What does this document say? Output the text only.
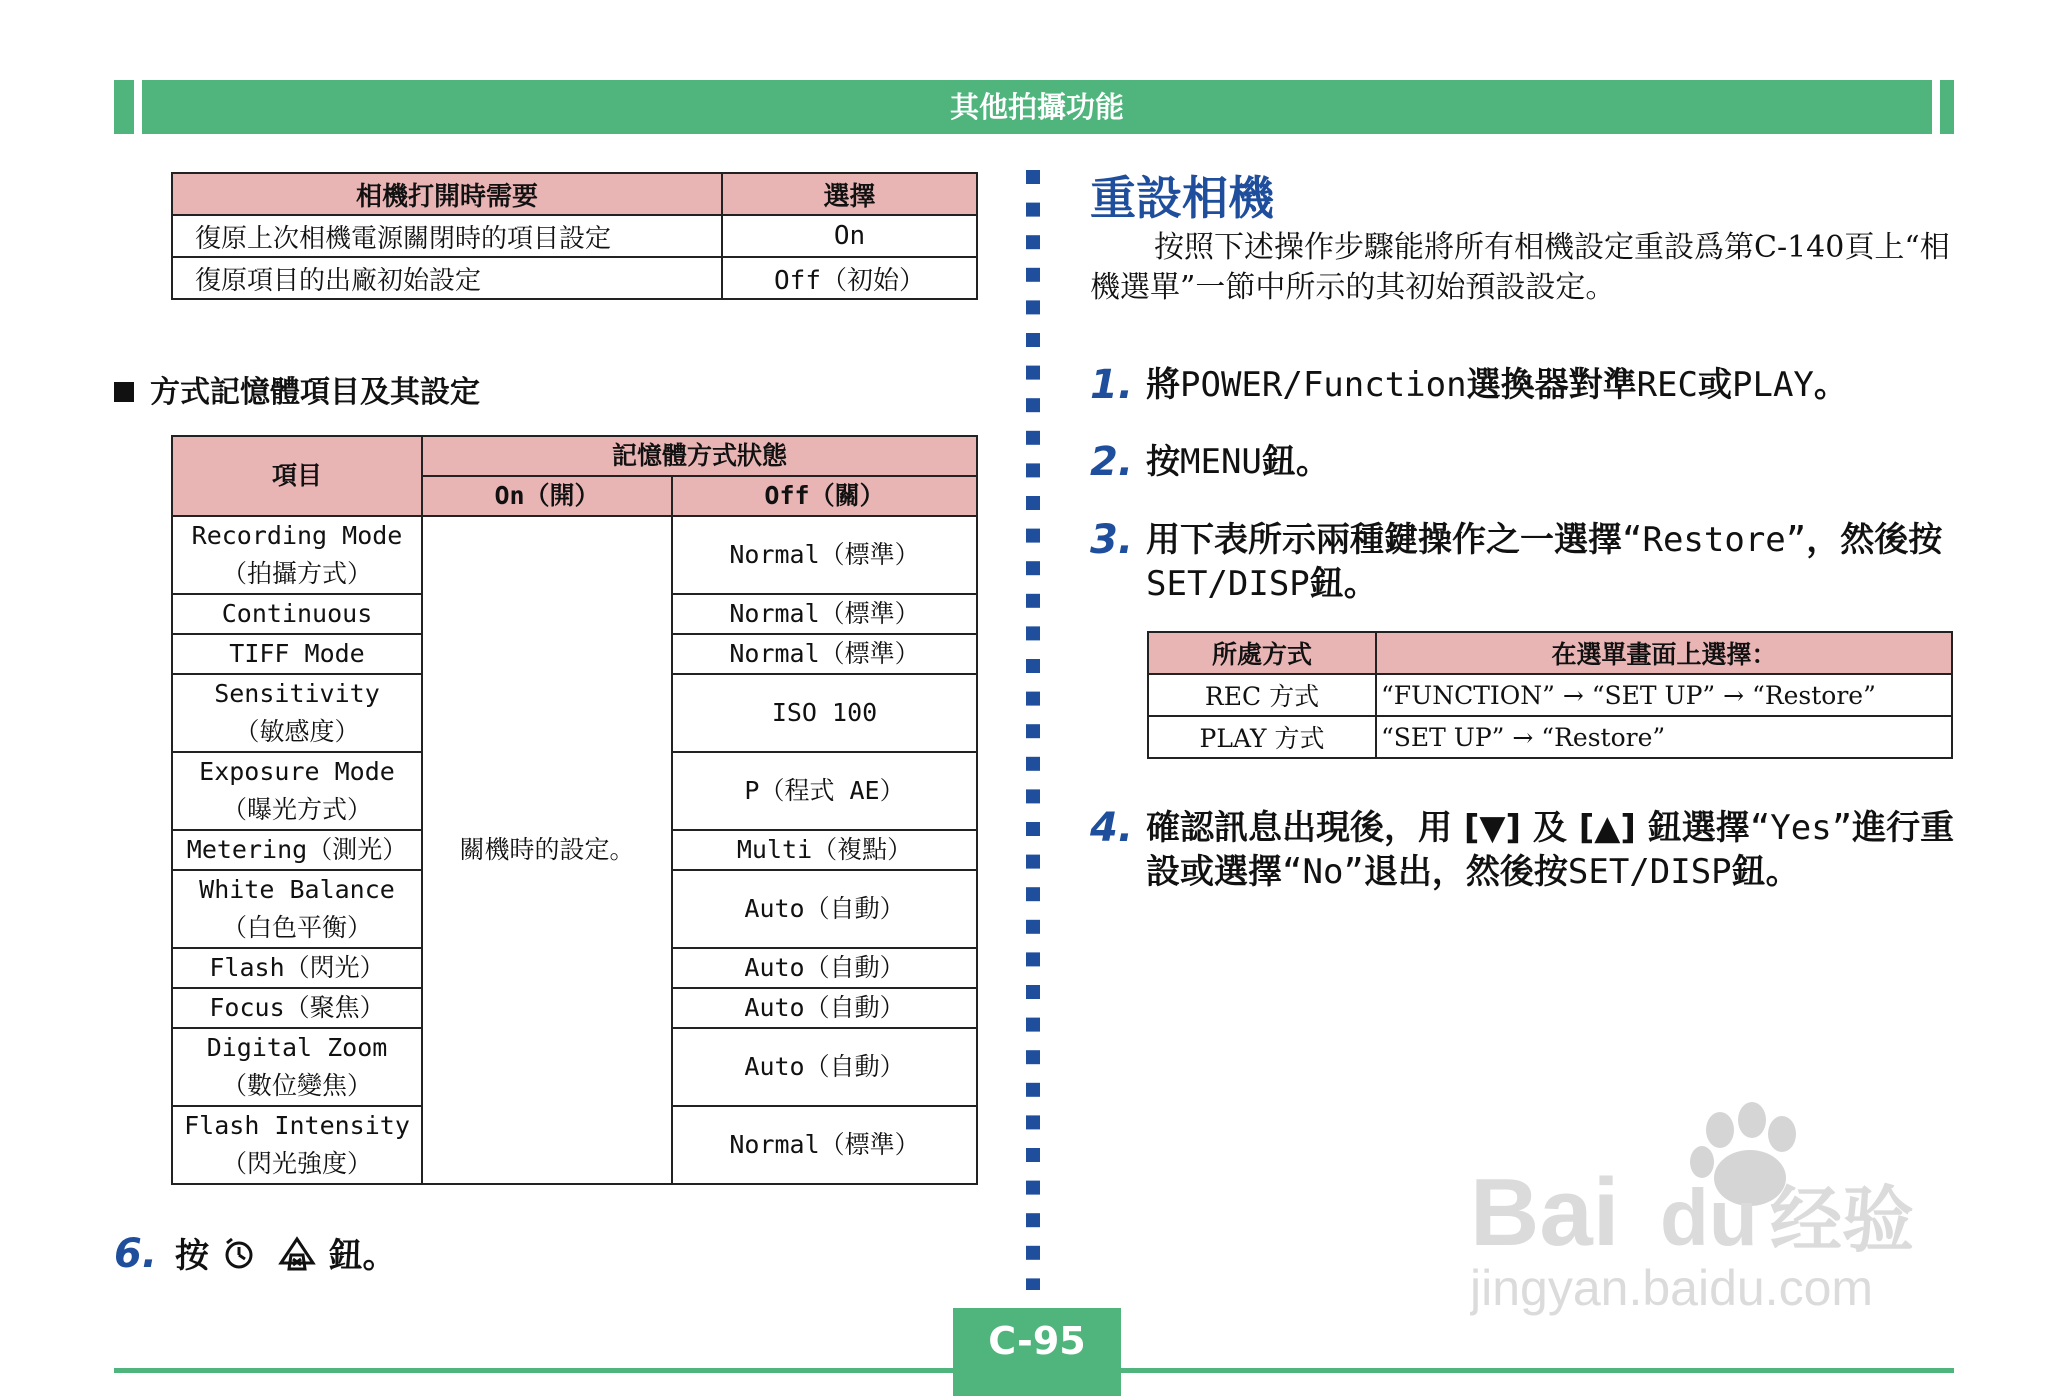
其他拍攝功能
相機打開時需要	選擇
復原上次相機電源關閉時的項目設定	On
復原項目的出廠初始設定	Off（初始）
方式記憶體項目及其設定
項目	記憶體方式狀態	
	On（開）	Off（關）

Recording Mode
（拍攝方式）	關機時的設定。	Normal（標準）
Continuous		Normal（標準）
TIFF Mode		Normal（標準）

Sensitivity
（敏感度）		ISO 100

Exposure Mode
（曝光方式）		P（程式 AE）
Metering（測光）		Multi（複點）

White Balance
（白色平衡）		Auto（自動）
Flash（閃光）		Auto（自動）
Focus（聚焦）		Auto（自動）

Digital Zoom
（數位變焦）		Auto（自動）

Flash Intensity
（閃光強度）		Normal（標準）
6. 按	鈕。
重設相機
按照下述操作步驟能將所有相機設定重設爲第C-140頁上“相機選單”一節中所示的其初始預設設定。
1. 將POWER/Function選換器對準REC或PLAY。
2. 按MENU鈕。
3. 用下表所示兩種鍵操作之一選擇“Restore”，然後按SET/DISP鈕。
所處方式	在選單畫面上選擇：
REC 方式	“FUNCTION” → “SET UP” → “Restore”
PLAY 方式	“SET UP” → “Restore”
4. 確認訊息出現後，用 [▼] 及 [▲] 鈕選擇“Yes”進行重設或選擇“No”退出，然後按SET/DISP鈕。
Bai du 经验
jingyan.baidu.com
C-95
